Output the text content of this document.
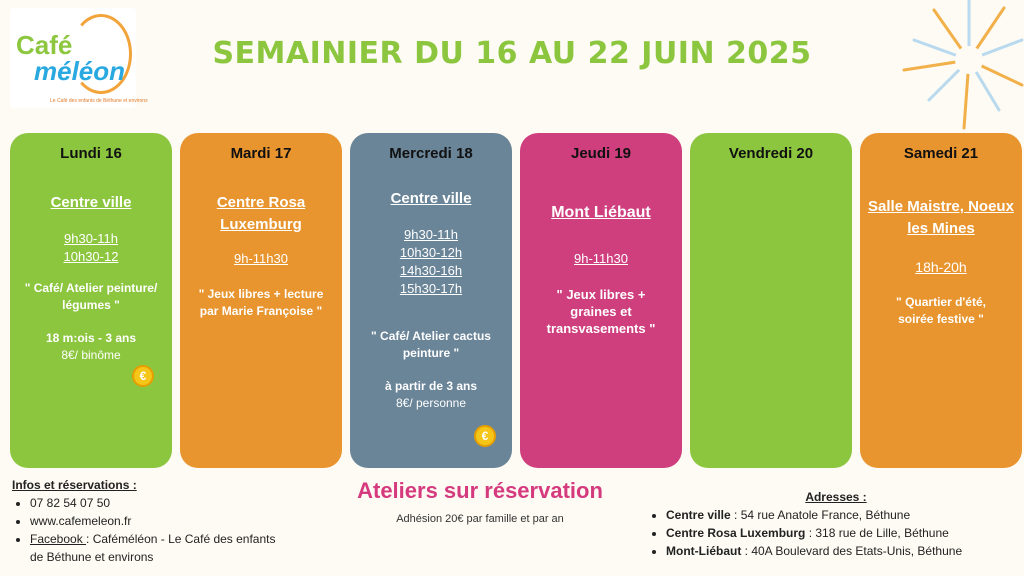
Café
méléon
Le Café des enfants de Béthune et environs
SEMAINIER DU 16 AU 22 JUIN 2025
Lundi 16
Centre ville
9h30-11h
10h30-12
" Café/ Atelier peinture/ légumes "
18 m:ois - 3 ans
8€/ binôme
€
Mardi 17
Centre Rosa Luxemburg
9h-11h30
" Jeux libres + lecture par Marie Françoise "
Mercredi 18
Centre ville
9h30-11h
10h30-12h
14h30-16h
15h30-17h
" Café/ Atelier cactus peinture "
à partir de 3 ans
8€/ personne
€
Jeudi 19
Mont Liébaut
9h-11h30
" Jeux libres + graines et transvasements "
Vendredi 20	Samedi 21
Salle Maistre, Noeux les Mines
18h-20h
" Quartier d'été, soirée festive "
Infos et réservations :
• 07 82 54 07 50
• www.cafemeleon.fr
• Facebook : Caféméléon - Le Café des enfants de Béthune et environs
Ateliers sur réservation
Adhésion 20€ par famille et par an
Adresses :
• Centre ville : 54 rue Anatole France, Béthune
• Centre Rosa Luxemburg : 318 rue de Lille, Béthune
• Mont-Liébaut : 40A Boulevard des Etats-Unis, Béthune
